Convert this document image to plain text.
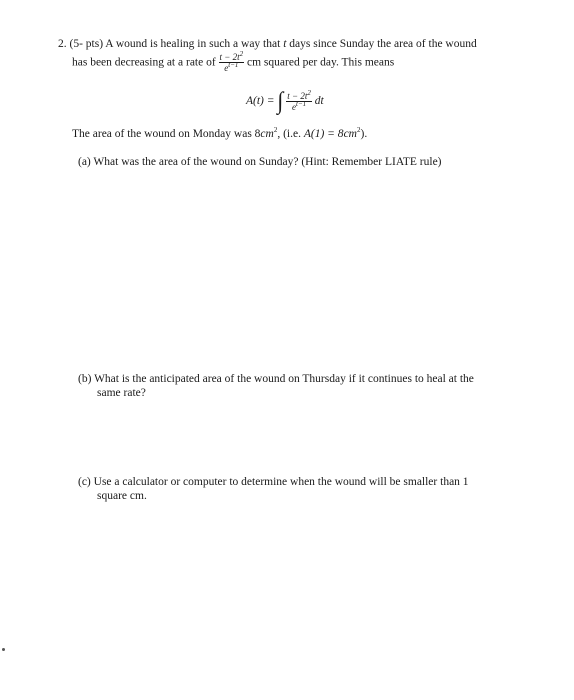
2. (5- pts) A wound is healing in such a way that t days since Sunday the area of the wound
has been decreasing at a rate of $\frac{t - 2t^2}{e^{t-1}}$ cm squared per day. This means
A(t) = ∫ $\frac{t - 2t^2}{e^{t-1}}$ dt
The area of the wound on Monday was $8cm^2$, (i.e. $A(1) = 8cm^2$).
(a) What was the area of the wound on Sunday? (Hint: Remember LIATE rule)
(b) What is the anticipated area of the wound on Thursday if it continues to heal at the
same rate?
(c) Use a calculator or computer to determine when the wound will be smaller than 1
square cm.
